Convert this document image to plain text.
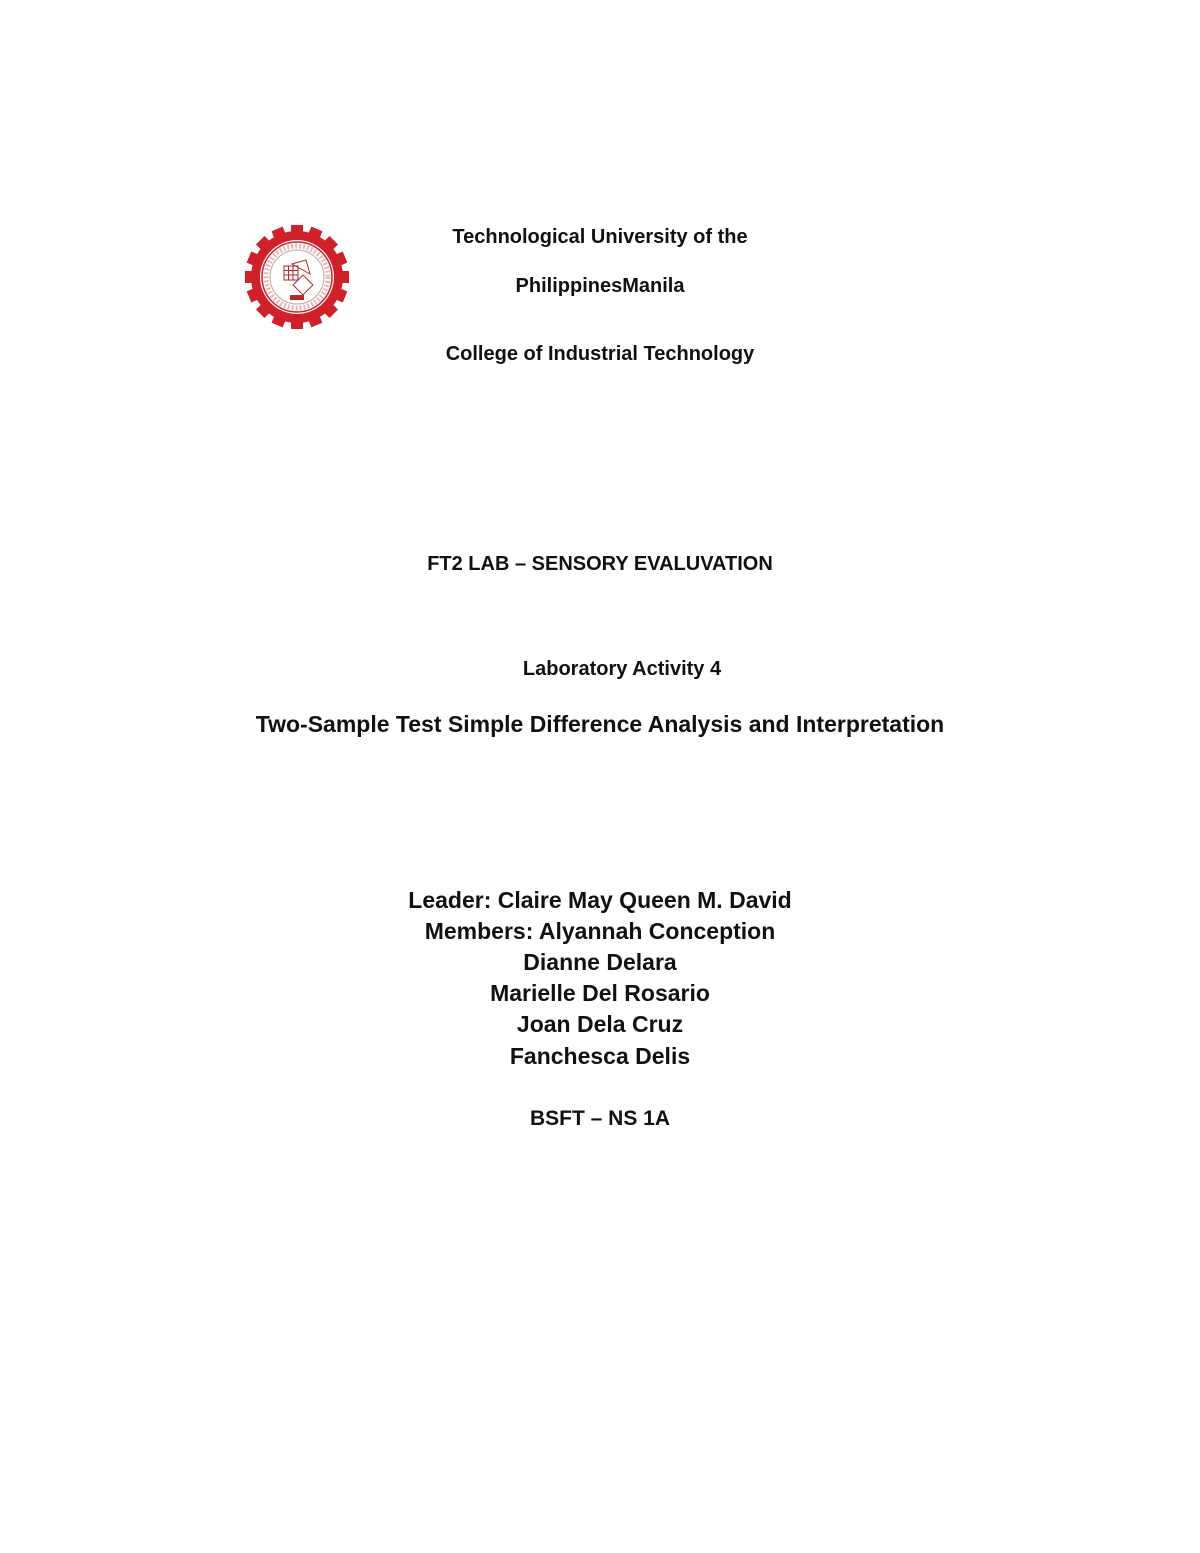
Technological University of the
PhilippinesManila
College of Industrial Technology
FT2 LAB – SENSORY EVALUVATION
Laboratory Activity 4
Two-Sample Test Simple Difference Analysis and Interpretation
Leader: Claire May Queen M. David
Members: Alyannah Conception
Dianne Delara
Marielle Del Rosario
Joan Dela Cruz
Fanchesca Delis
BSFT – NS 1A
